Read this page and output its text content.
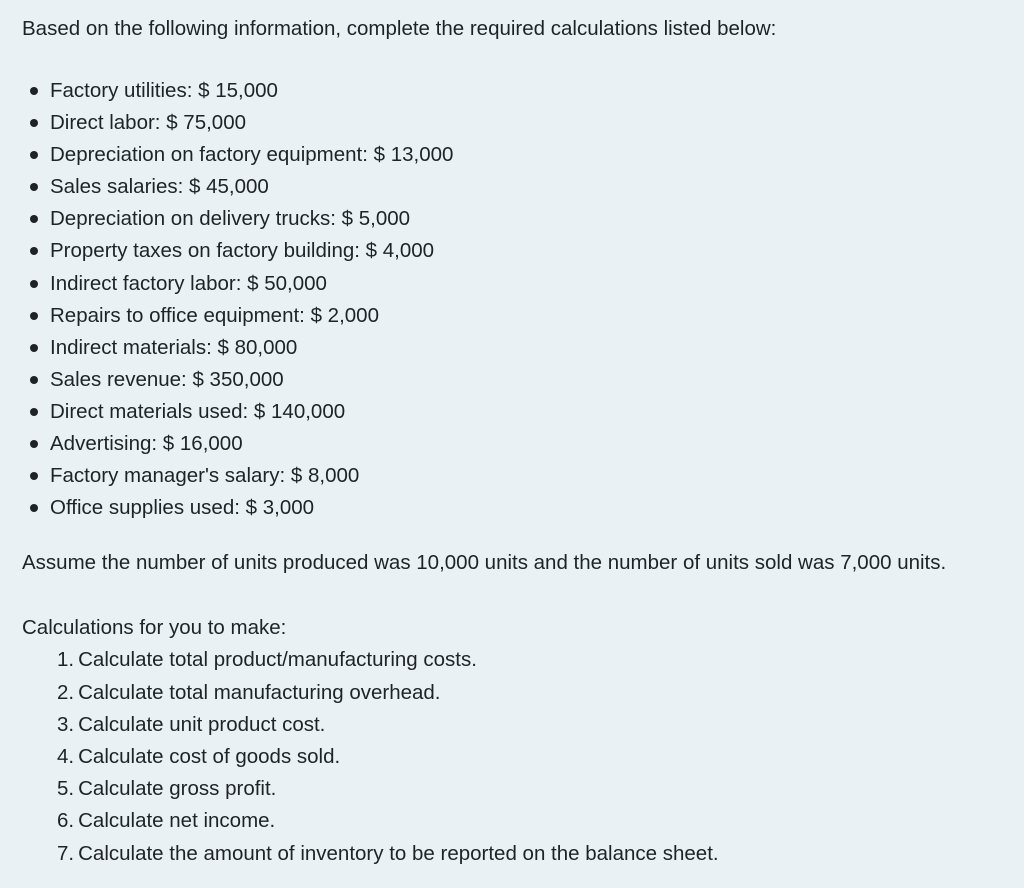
Based on the following information, complete the required calculations listed below:

Factory utilities: $ 15,000
Direct labor: $ 75,000
Depreciation on factory equipment: $ 13,000
Sales salaries: $ 45,000
Depreciation on delivery trucks: $ 5,000
Property taxes on factory building: $ 4,000
Indirect factory labor: $ 50,000
Repairs to office equipment: $ 2,000
Indirect materials: $ 80,000
Sales revenue: $ 350,000
Direct materials used: $ 140,000
Advertising: $ 16,000
Factory manager's salary: $ 8,000
Office supplies used: $ 3,000

Assume the number of units produced was 10,000 units and the number of units sold was 7,000 units.

Calculations for you to make:

1. Calculate total product/manufacturing costs.
2. Calculate total manufacturing overhead.
3. Calculate unit product cost.
4. Calculate cost of goods sold.
5. Calculate gross profit.
6. Calculate net income.
7. Calculate the amount of inventory to be reported on the balance sheet.
